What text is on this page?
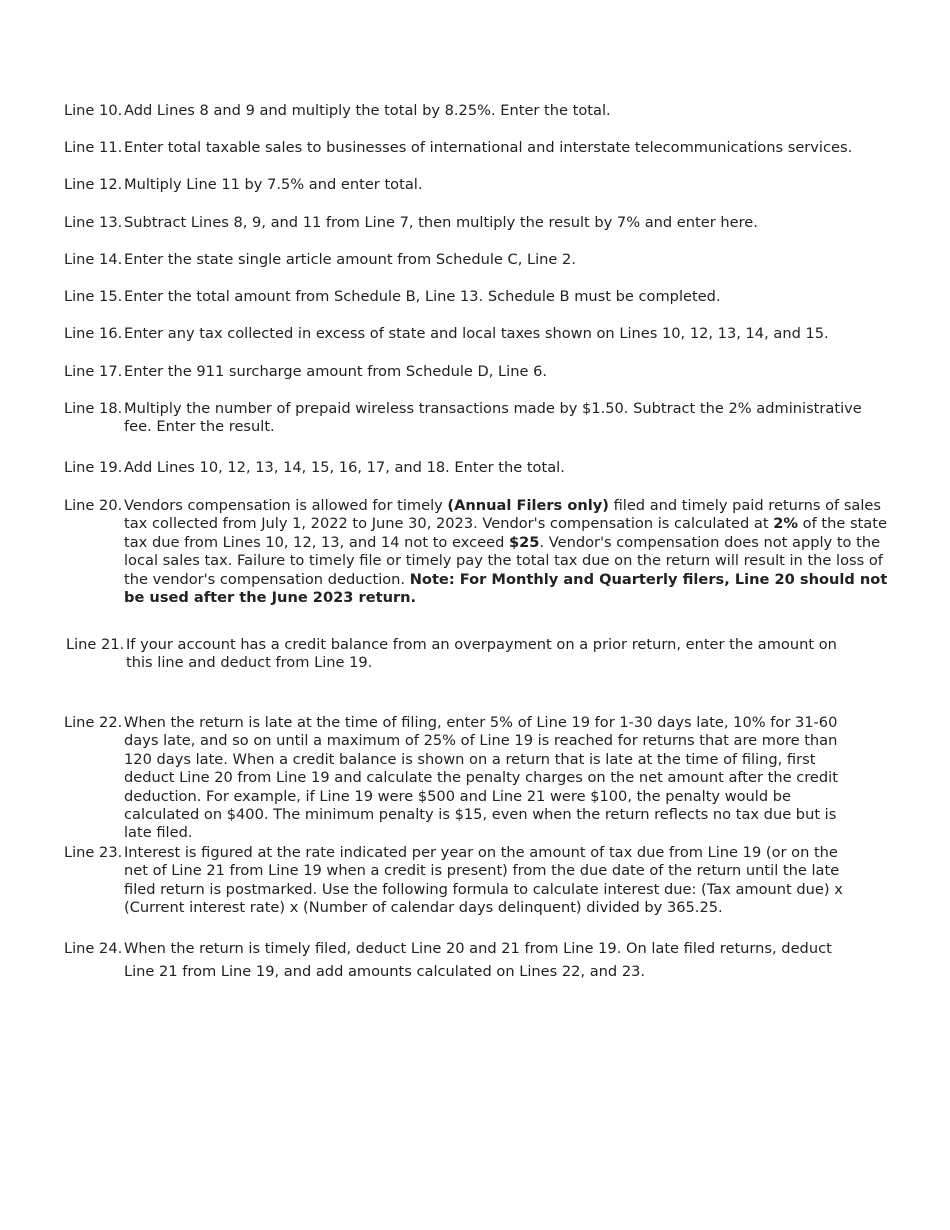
Line 10. Add Lines 8 and 9 and multiply the total by 8.25%. Enter the total.
Line 11. Enter total taxable sales to businesses of international and interstate telecommunications services.
Line 12. Multiply Line 11 by 7.5% and enter total.
Line 13. Subtract Lines 8, 9, and 11 from Line 7, then multiply the result by 7% and enter here.
Line 14. Enter the state single article amount from Schedule C, Line 2.
Line 15. Enter the total amount from Schedule B, Line 13. Schedule B must be completed.
Line 16. Enter any tax collected in excess of state and local taxes shown on Lines 10, 12, 13, 14, and 15.
Line 17. Enter the 911 surcharge amount from Schedule D, Line 6.
Line 18. Multiply the number of prepaid wireless transactions made by $1.50. Subtract the 2% administrative fee. Enter the result.
Line 19. Add Lines 10, 12, 13, 14, 15, 16, 17, and 18. Enter the total.
Line 20. Vendors compensation is allowed for timely (Annual Filers only) filed and timely paid returns of sales tax collected from July 1, 2022 to June 30, 2023. Vendor's compensation is calculated at 2% of the state tax due from Lines 10, 12, 13, and 14 not to exceed $25. Vendor's compensation does not apply to the local sales tax. Failure to timely file or timely pay the total tax due on the return will result in the loss of the vendor's compensation deduction. Note: For Monthly and Quarterly filers, Line 20 should not be used after the June 2023 return.
Line 21. If your account has a credit balance from an overpayment on a prior return, enter the amount on this line and deduct from Line 19.
Line 22. When the return is late at the time of filing, enter 5% of Line 19 for 1-30 days late, 10% for 31-60 days late, and so on until a maximum of 25% of Line 19 is reached for returns that are more than 120 days late. When a credit balance is shown on a return that is late at the time of filing, first deduct Line 20 from Line 19 and calculate the penalty charges on the net amount after the credit deduction. For example, if Line 19 were $500 and Line 21 were $100, the penalty would be calculated on $400. The minimum penalty is $15, even when the return reflects no tax due but is late filed.
Line 23. Interest is figured at the rate indicated per year on the amount of tax due from Line 19 (or on the net of Line 21 from Line 19 when a credit is present) from the due date of the return until the late filed return is postmarked. Use the following formula to calculate interest due: (Tax amount due) x (Current interest rate) x (Number of calendar days delinquent) divided by 365.25.
Line 24. When the return is timely filed, deduct Line 20 and 21 from Line 19. On late filed returns, deduct Line 21 from Line 19, and add amounts calculated on Lines 22, and 23.
